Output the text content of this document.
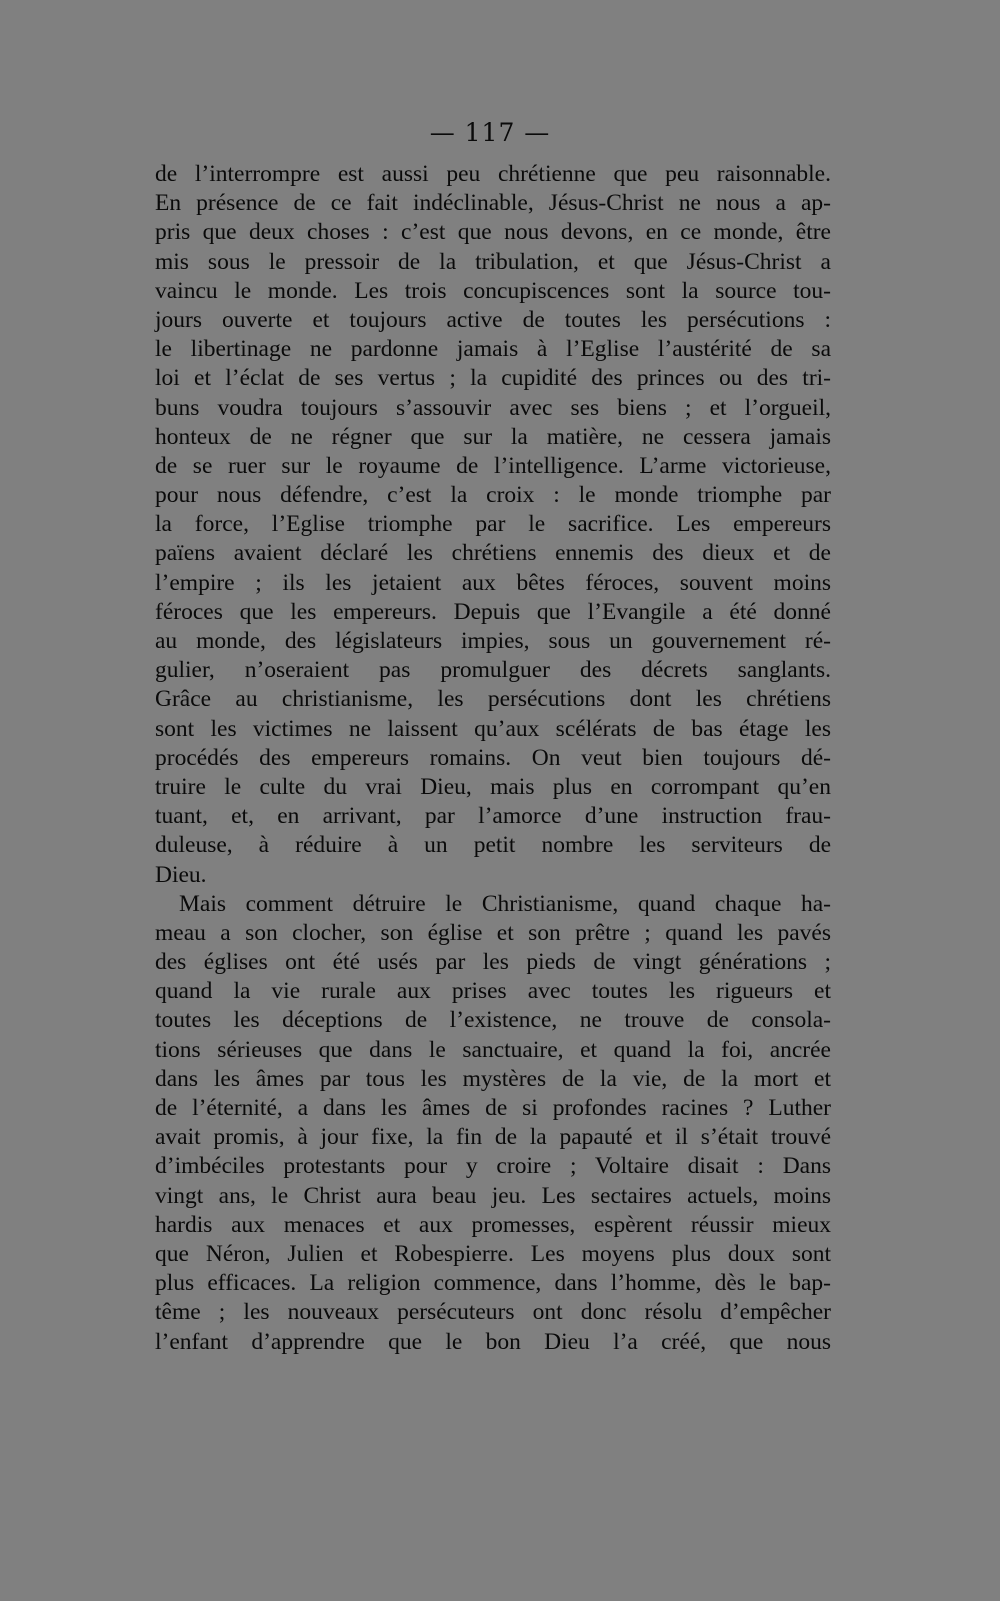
— 117 —
de l’interrompre est aussi peu chrétienne que peu raisonnable.
En présence de ce fait indéclinable, Jésus-Christ ne nous a ap-
pris que deux choses : c’est que nous devons, en ce monde, être
mis sous le pressoir de la tribulation, et que Jésus-Christ a
vaincu le monde. Les trois concupiscences sont la source tou-
jours ouverte et toujours active de toutes les persécutions :
le libertinage ne pardonne jamais à l’Eglise l’austérité de sa
loi et l’éclat de ses vertus ; la cupidité des princes ou des tri-
buns voudra toujours s’assouvir avec ses biens ; et l’orgueil,
honteux de ne régner que sur la matière, ne cessera jamais
de se ruer sur le royaume de l’intelligence. L’arme victorieuse,
pour nous défendre, c’est la croix : le monde triomphe par
la force, l’Eglise triomphe par le sacrifice. Les empereurs
païens avaient déclaré les chrétiens ennemis des dieux et de
l’empire ; ils les jetaient aux bêtes féroces, souvent moins
féroces que les empereurs. Depuis que l’Evangile a été donné
au monde, des législateurs impies, sous un gouvernement ré-
gulier, n’oseraient pas promulguer des décrets sanglants.
Grâce au christianisme, les persécutions dont les chrétiens
sont les victimes ne laissent qu’aux scélérats de bas étage les
procédés des empereurs romains. On veut bien toujours dé-
truire le culte du vrai Dieu, mais plus en corrompant qu’en
tuant, et, en arrivant, par l’amorce d’une instruction frau-
duleuse, à réduire à un petit nombre les serviteurs de
Dieu.
Mais comment détruire le Christianisme, quand chaque ha-
meau a son clocher, son église et son prêtre ; quand les pavés
des églises ont été usés par les pieds de vingt générations ;
quand la vie rurale aux prises avec toutes les rigueurs et
toutes les déceptions de l’existence, ne trouve de consola-
tions sérieuses que dans le sanctuaire, et quand la foi, ancrée
dans les âmes par tous les mystères de la vie, de la mort et
de l’éternité, a dans les âmes de si profondes racines ? Luther
avait promis, à jour fixe, la fin de la papauté et il s’était trouvé
d’imbéciles protestants pour y croire ; Voltaire disait : Dans
vingt ans, le Christ aura beau jeu. Les sectaires actuels, moins
hardis aux menaces et aux promesses, espèrent réussir mieux
que Néron, Julien et Robespierre. Les moyens plus doux sont
plus efficaces. La religion commence, dans l’homme, dès le bap-
tême ; les nouveaux persécuteurs ont donc résolu d’empêcher
l’enfant d’apprendre que le bon Dieu l’a créé, que nous
